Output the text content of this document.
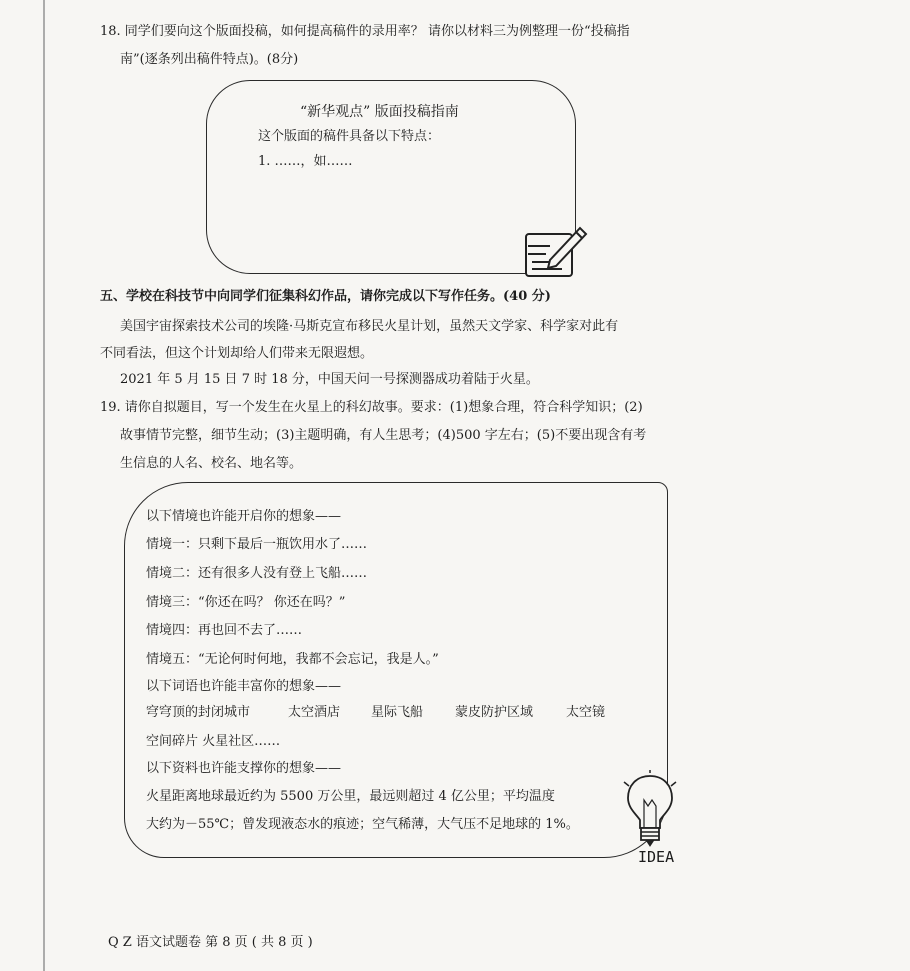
18. 同学们要向这个版面投稿，如何提高稿件的录用率？ 请你以材料三为例整理一份“投稿指
南”(逐条列出稿件特点)。(8分)
“新华观点” 版面投稿指南
这个版面的稿件具备以下特点：
1. ……，如……
五、学校在科技节中向同学们征集科幻作品，请你完成以下写作任务。(40 分)
美国宇宙探索技术公司的埃隆·马斯克宣布移民火星计划，虽然天文学家、科学家对此有
不同看法，但这个计划却给人们带来无限遐想。
2021 年 5 月 15 日 7 时 18 分，中国天问一号探测器成功着陆于火星。
19. 请你自拟题目，写一个发生在火星上的科幻故事。要求：(1)想象合理，符合科学知识；(2)
故事情节完整，细节生动；(3)主题明确，有人生思考；(4)500 字左右；(5)不要出现含有考
生信息的人名、校名、地名等。
以下情境也许能开启你的想象——
情境一：只剩下最后一瓶饮用水了……
情境二：还有很多人没有登上飞船……
情境三：“你还在吗？ 你还在吗？”
情境四：再也回不去了……
情境五：“无论何时何地，我都不会忘记，我是人。”
以下词语也许能丰富你的想象——
穹穹顶的封闭城市	太空酒店 星际飞船 蒙皮防护区域	太空镜
空间碎片 火星社区……
以下资料也许能支撑你的想象——
火星距离地球最近约为 5500 万公里，最远则超过 4 亿公里；平均温度
大约为－55℃；曾发现液态水的痕迹；空气稀薄，大气压不足地球的 1%。
IDEA
Q Z 语文试题卷 第 8 页 ( 共 8 页 )
